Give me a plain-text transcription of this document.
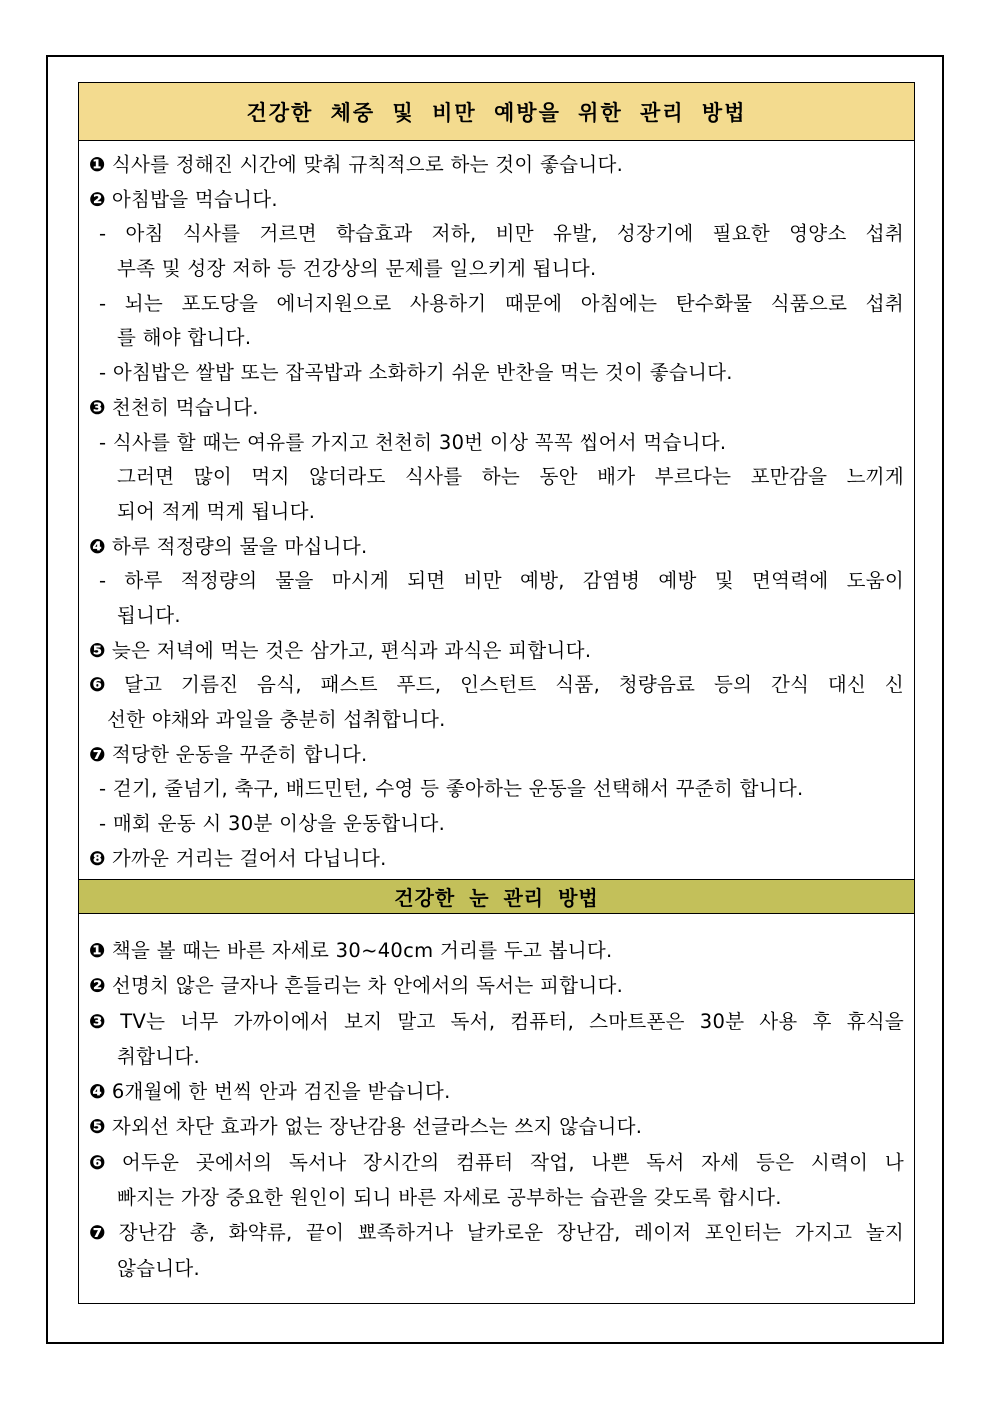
건강한 체중 및 비만 예방을 위한 관리 방법
❶ 식사를 정해진 시간에 맞춰 규칙적으로 하는 것이 좋습니다.
❷ 아침밥을 먹습니다.
- 아침 식사를 거르면 학습효과 저하, 비만 유발, 성장기에 필요한 영양소 섭취
부족 및 성장 저하 등 건강상의 문제를 일으키게 됩니다.
- 뇌는 포도당을 에너지원으로 사용하기 때문에 아침에는 탄수화물 식품으로 섭취
를 해야 합니다.
- 아침밥은 쌀밥 또는 잡곡밥과 소화하기 쉬운 반찬을 먹는 것이 좋습니다.
❸ 천천히 먹습니다.
- 식사를 할 때는 여유를 가지고 천천히 30번 이상 꼭꼭 씹어서 먹습니다.
그러면 많이 먹지 않더라도 식사를 하는 동안 배가 부르다는 포만감을 느끼게
되어 적게 먹게 됩니다.
❹ 하루 적정량의 물을 마십니다.
- 하루 적정량의 물을 마시게 되면 비만 예방, 감염병 예방 및 면역력에 도움이
됩니다.
❺ 늦은 저녁에 먹는 것은 삼가고, 편식과 과식은 피합니다.
❻ 달고 기름진 음식, 패스트 푸드, 인스턴트 식품, 청량음료 등의 간식 대신 신
선한 야채와 과일을 충분히 섭취합니다.
❼ 적당한 운동을 꾸준히 합니다.
- 걷기, 줄넘기, 축구, 배드민턴, 수영 등 좋아하는 운동을 선택해서 꾸준히 합니다.
- 매회 운동 시 30분 이상을 운동합니다.
❽ 가까운 거리는 걸어서 다닙니다.
건강한 눈 관리 방법
❶ 책을 볼 때는 바른 자세로 30~40cm 거리를 두고 봅니다.
❷ 선명치 않은 글자나 흔들리는 차 안에서의 독서는 피합니다.
❸ TV는 너무 가까이에서 보지 말고 독서, 컴퓨터, 스마트폰은 30분 사용 후 휴식을
취합니다.
❹ 6개월에 한 번씩 안과 검진을 받습니다.
❺ 자외선 차단 효과가 없는 장난감용 선글라스는 쓰지 않습니다.
❻ 어두운 곳에서의 독서나 장시간의 컴퓨터 작업, 나쁜 독서 자세 등은 시력이 나
빠지는 가장 중요한 원인이 되니 바른 자세로 공부하는 습관을 갖도록 합시다.
❼ 장난감 총, 화약류, 끝이 뾰족하거나 날카로운 장난감, 레이저 포인터는 가지고 놀지
않습니다.
